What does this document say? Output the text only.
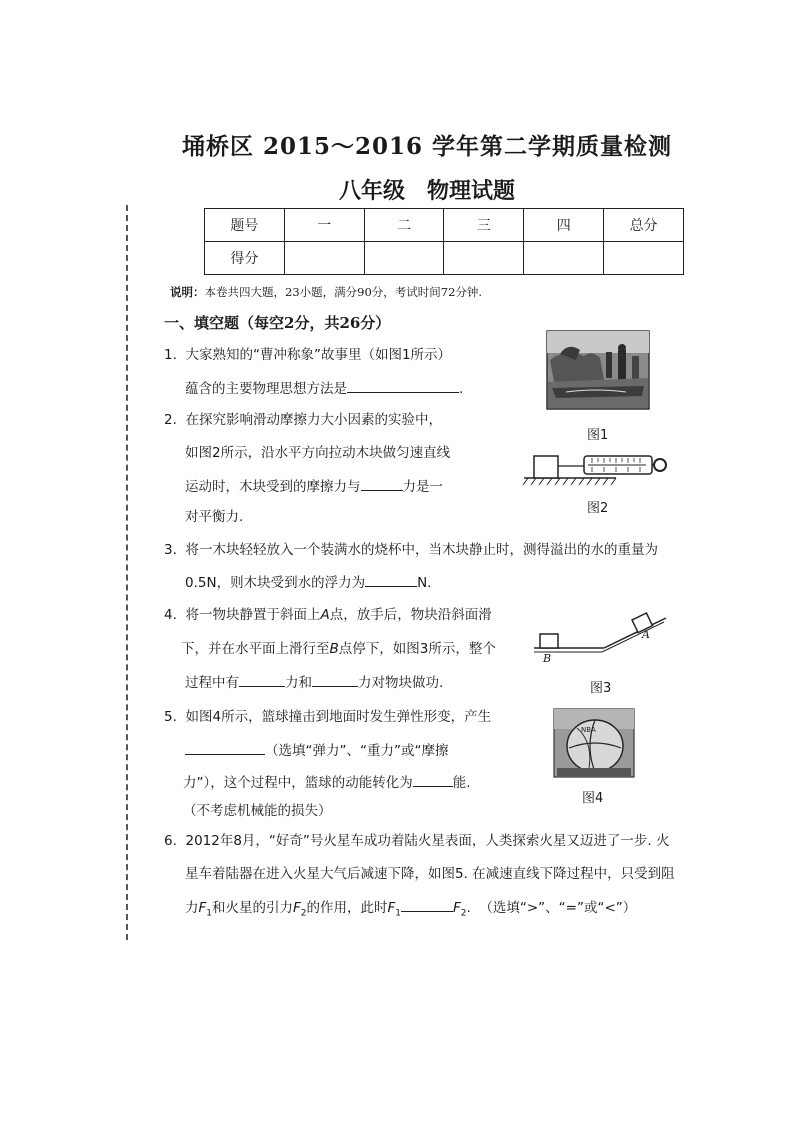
埇桥区 2015～2016 学年第二学期质量检测
八年级　物理试题
题号	一	二	三	四	总分
得分					
说明：本卷共四大题，23小题，满分90分，考试时间72分钟.
一、填空题（每空2分，共26分）
1. 大家熟知的“曹冲称象”故事里（如图1所示）
蕴含的主要物理思想方法是	.
2. 在探究影响滑动摩擦力大小因素的实验中，
如图2所示，沿水平方向拉动木块做匀速直线
运动时，木块受到的摩擦力与	力是一
对平衡力.
3. 将一木块轻轻放入一个装满水的烧杯中，当木块静止时，测得溢出的水的重量为
0.5N，则木块受到水的浮力为	N.
4. 将一物块静置于斜面上A点，放手后，物块沿斜面滑
下，并在水平面上滑行至B点停下，如图3所示，整个
过程中有	力和	力对物块做功.
5. 如图4所示，篮球撞击到地面时发生弹性形变，产生
（选填“弹力”、“重力”或“摩擦
力”），这个过程中，篮球的动能转化为	能.
（不考虑机械能的损失）
6. 2012年8月，“好奇”号火星车成功着陆火星表面，人类探索火星又迈进了一步. 火
星车着陆器在进入火星大气后减速下降，如图5. 在减速直线下降过程中，只受到阻
力$F_1$和火星的引力$F_2$的作用，此时$F_1$	$F_2$.  （选填“>”、“=”或“<”）
图1
图2
A
B
图3
NBA
图4
